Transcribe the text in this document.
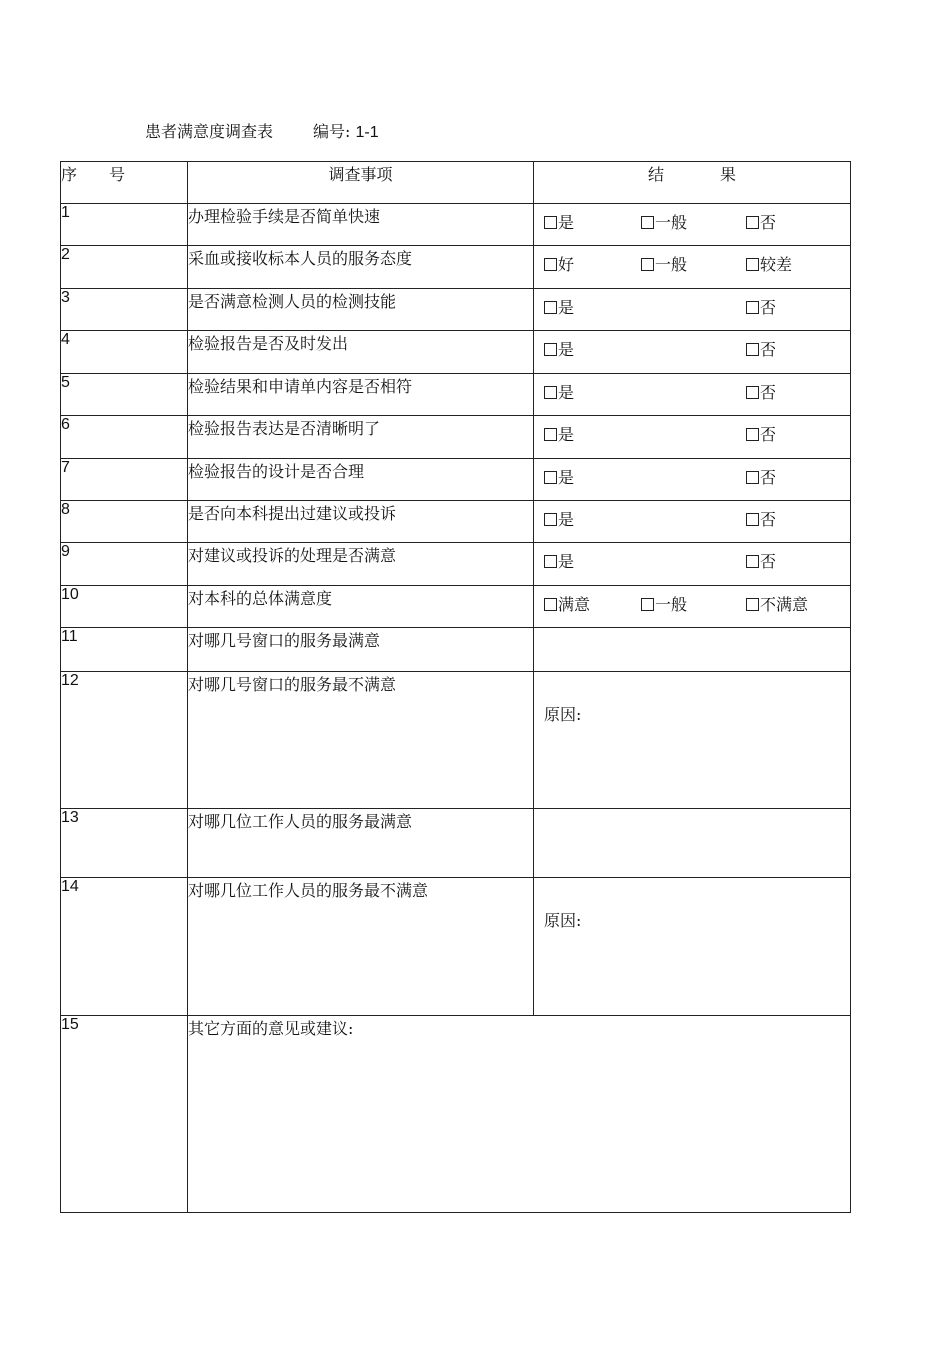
患者满意度调查表	编号: 1-1
序 号	调查事项	结 果
1	办理检验手续是否简单快速	是 一般 否

2	采血或接收标本人员的服务态度	好 一般 较差

3	是否满意检测人员的检测技能	是 否

4	检验报告是否及时发出	是 否

5	检验结果和申请单内容是否相符	是 否

6	检验报告表达是否清晰明了	是 否

7	检验报告的设计是否合理	是 否

8	是否向本科提出过建议或投诉	是 否

9	对建议或投诉的处理是否满意	是 否

10	对本科的总体满意度	满意 一般 不满意

11	对哪几号窗口的服务最满意	
12	对哪几号窗口的服务最不满意	原因:

13	对哪几位工作人员的服务最满意	
14	对哪几位工作人员的服务最不满意	原因:

15	其它方面的意见或建议:	
